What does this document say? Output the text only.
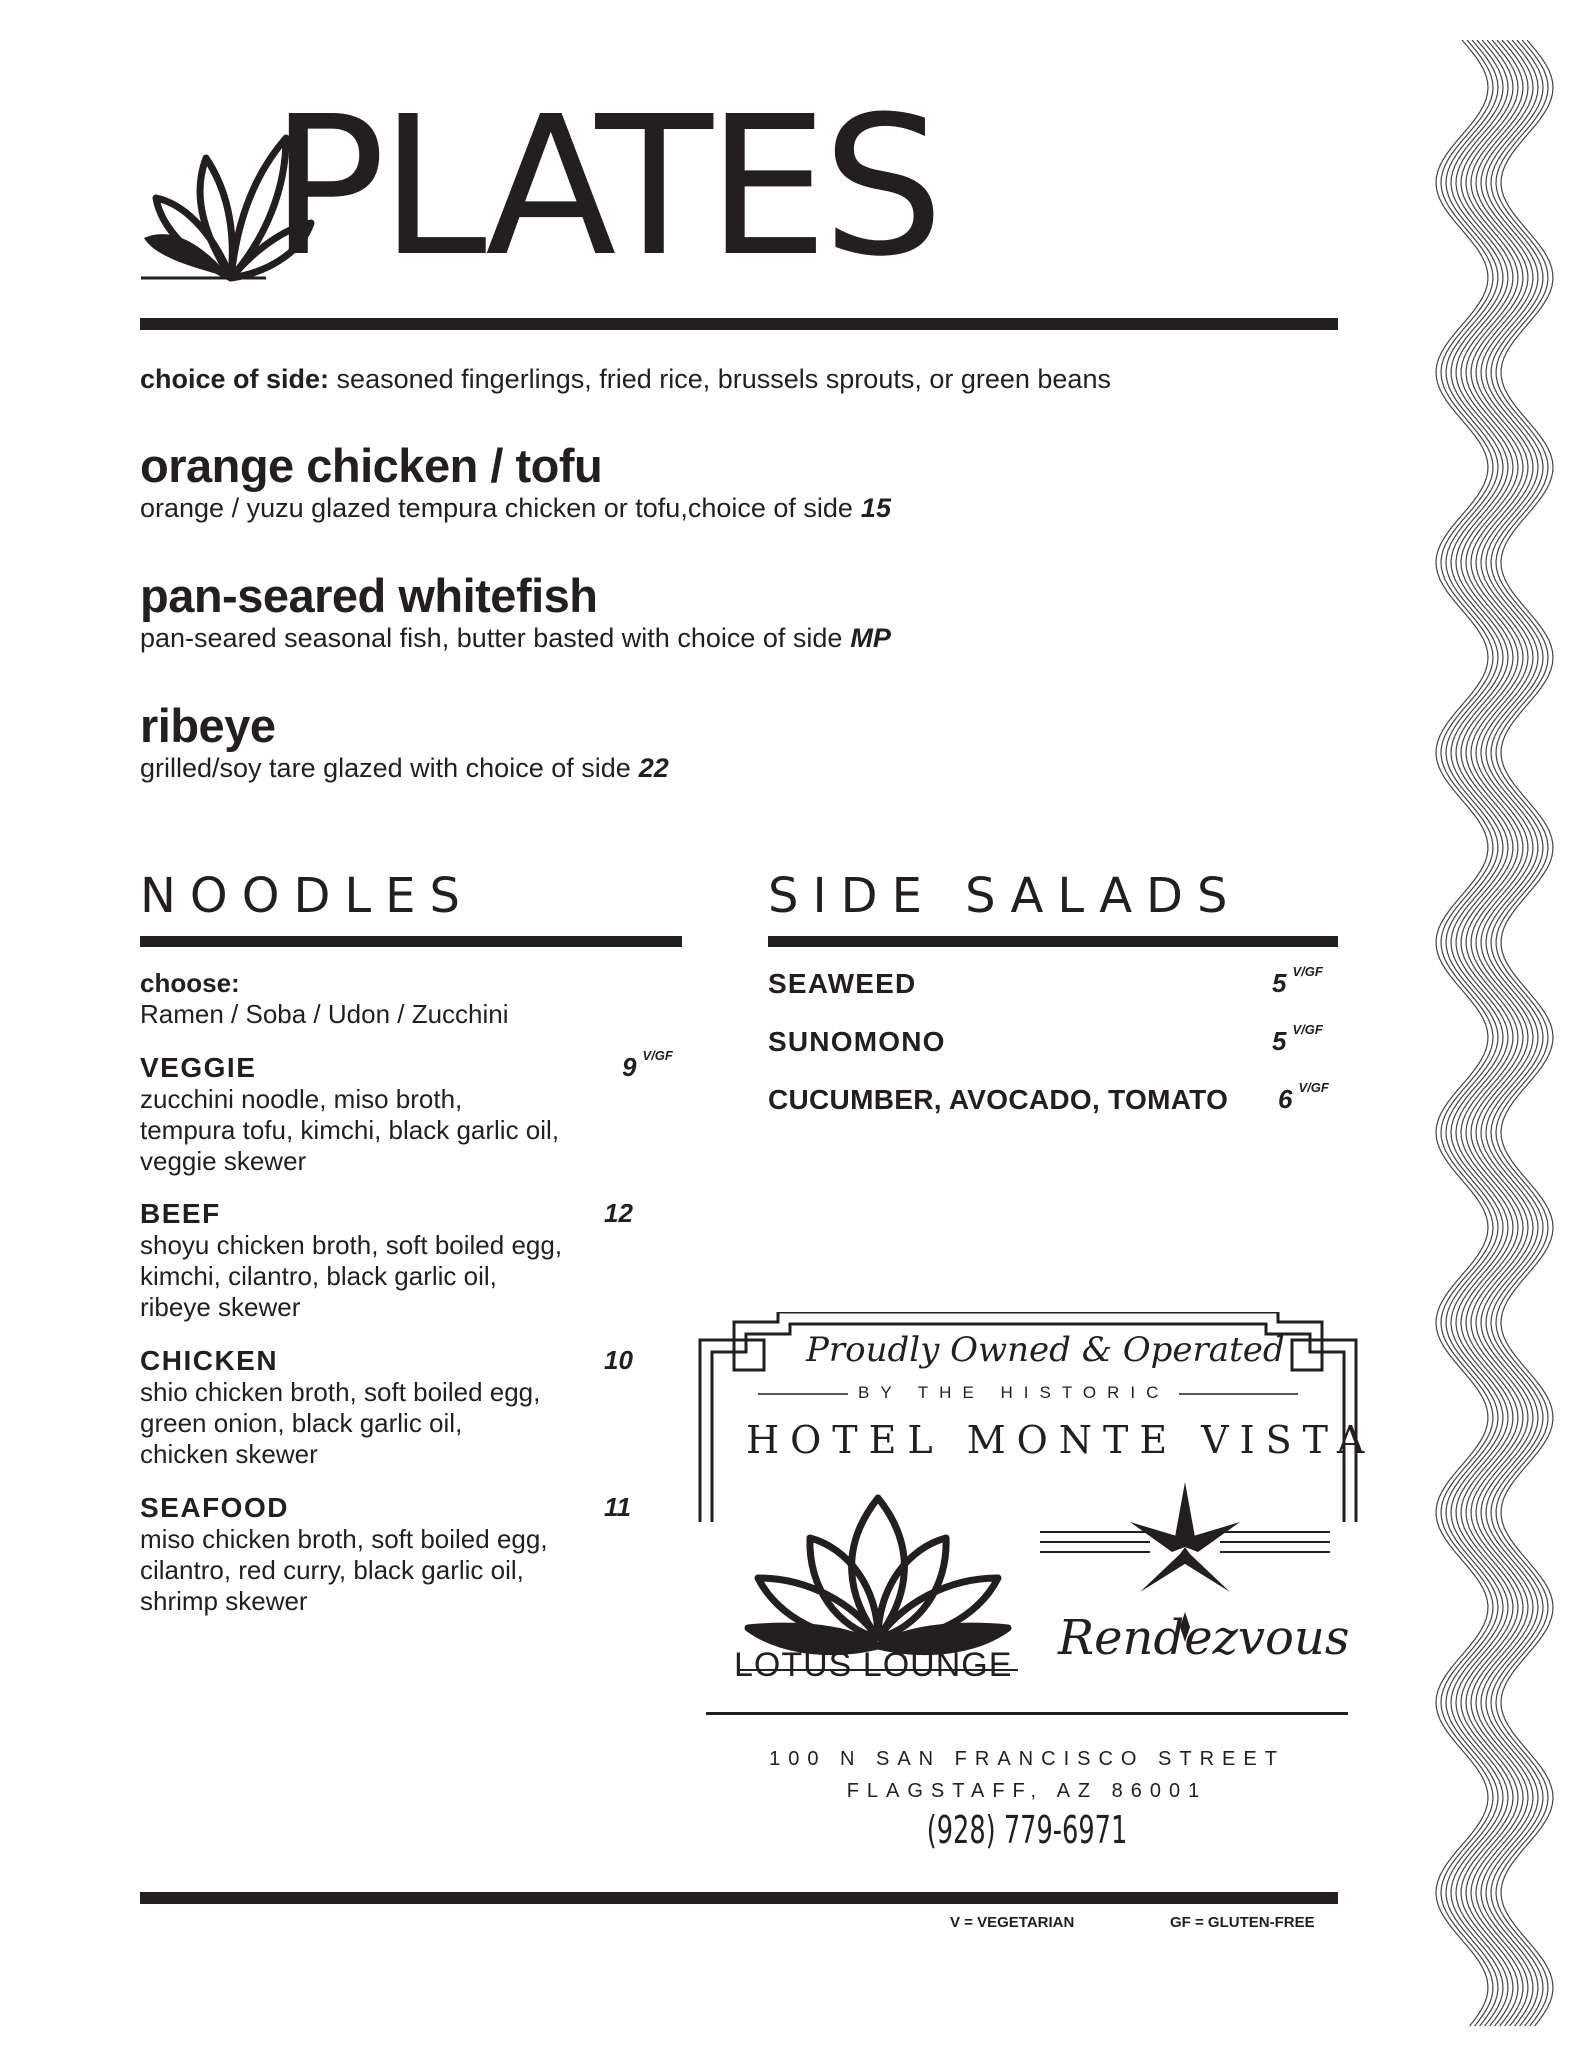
PLATES
choice of side: seasoned fingerlings, fried rice, brussels sprouts, or green beans
orange chicken / tofu
orange / yuzu glazed tempura chicken or tofu,choice of side 15
pan-seared whitefish
pan-seared seasonal fish, butter basted with choice of side MP
ribeye
grilled/soy tare glazed with choice of side 22
NOODLES
choose:
Ramen / Soba / Udon / Zucchini
VEGGIE	9 $^{V/GF}$
zucchini noodle, miso broth,
tempura tofu, kimchi, black garlic oil,
veggie skewer
BEEF	12
shoyu chicken broth, soft boiled egg,
kimchi, cilantro, black garlic oil,
ribeye skewer
CHICKEN	10
shio chicken broth, soft boiled egg,
green onion, black garlic oil,
chicken skewer
SEAFOOD	11
miso chicken broth, soft boiled egg,
cilantro, red curry, black garlic oil,
shrimp skewer
SIDE SALADS
SEAWEED	5 $^{V/GF}$
SUNOMONO	5 $^{V/GF}$
CUCUMBER, AVOCADO, TOMATO 6 $^{V/GF}$
Proudly Owned & Operated
BY THE HISTORIC
HOTEL MONTE VISTA
LOTUS LOUNGE Rendezvous
100 N SAN FRANCISCO STREET
FLAGSTAFF, AZ 86001
(928) 779-6971
V = VEGETARIAN	GF = GLUTEN-FREE
